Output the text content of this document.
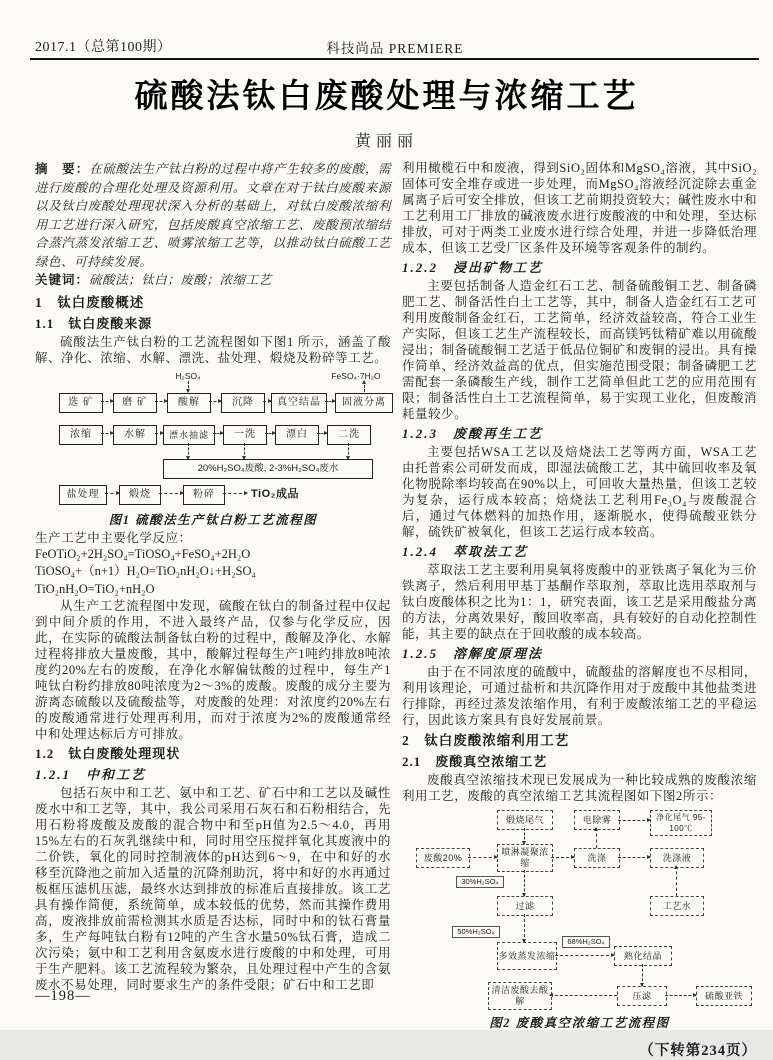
2017.1（总第100期）	科技尚品 PREMIERE
硫酸法钛白废酸处理与浓缩工艺
黄丽丽

摘　要：在硫酸法生产钛白粉的过程中将产生较多的废酸，需进行废酸的合理化处理及资源利用。文章在对于钛白废酸来源以及钛白废酸处理现状深入分析的基础上，对钛白废酸浓缩利用工艺进行深入研究，包括废酸真空浓缩工艺、废酸预浓缩结合蒸汽蒸发浓缩工艺、喷雾浓缩工艺等，以推动钛白硫酸工艺绿色、可持续发展。

关键词：硫酸法；钛白；废酸；浓缩工艺

1　钛白废酸概述
1.1　钛白废酸来源

硫酸法生产钛白粉的工艺流程图如下图1 所示，涵盖了酸解、净化、浓缩、水解、漂洗、盐处理、煅烧及粉碎等工艺。

H₂SO₄	FeSO₄·7H₂O
选 矿	磨 矿	酸解	沉降	真空结晶	固液分离
浓缩	水解	漂水抽滤	一洗	漂白	二洗
20%H₂SO₄废酸, 2-3%H₂SO₄废水
盐处理	煅烧	粉碎	TiO₂成品
图1 硫酸法生产钛白粉工艺流程图

生产工艺中主要化学反应：

FeOTiO₂+2H₂SO₄=TiOSO₄+FeSO₄+2H₂O

TiOSO₄+（n+1）H₂O=TiO₂nH₂O↓+H₂SO₄

TiO₂nH₂O=TiO₂+nH₂O

从生产工艺流程图中发现，硫酸在钛白的制备过程中仅起到中间介质的作用，不进入最终产品，仅参与化学反应，因此，在实际的硫酸法制备钛白粉的过程中，酸解及净化、水解过程将排放大量废酸，其中，酸解过程每生产1吨约排放8吨浓度约20%左右的废酸，在净化水解偏钛酸的过程中，每生产1吨钛白粉约排放80吨浓度为2～3%的废酸。废酸的成分主要为游离态硫酸以及硫酸盐等，对废酸的处理：对浓度约20%左右的废酸通常进行处理再利用，而对于浓度为2%的废酸通常经中和处理达标后方可排放。

1.2　钛白废酸处理现状
1.2.1　中和工艺

包括石灰中和工艺、氨中和工艺、矿石中和工艺以及碱性废水中和工艺等，其中，我公司采用石灰石和石粉相结合，先用石粉将废酸及废酸的混合物中和至pH值为2.5～4.0，再用15%左右的石灰乳继续中和，同时用空压搅拌氧化其废液中的二价铁，氧化的同时控制液体的pH达到6～9，在中和好的水移至沉降池之前加入适量的沉降剂助沉，将中和好的水再通过板框压滤机压滤，最终水达到排放的标准后直接排放。该工艺具有操作简便，系统简单，成本较低的优势，然而其操作费用高，废液排放前需检测其水质是否达标，同时中和的钛石膏量多，生产每吨钛白粉有12吨的产生含水量50%钛石膏，造成二次污染；氨中和工艺利用含氨废水进行废酸的中和处理，可用于生产肥料。该工艺流程较为繁杂，且处理过程中产生的含氨废水不易处理，同时要求生产的条件受限；矿石中和工艺即

利用橄榄石中和废液，得到SiO₂固体和MgSO₄溶液，其中SiO₂固体可安全堆存或进一步处理，而MgSO₄溶液经沉淀除去重金属离子后可安全排放，但该工艺前期投资较大；碱性废水中和工艺利用工厂排放的碱液废水进行废酸液的中和处理，至达标排放，可对于两类工业废水进行综合处理，并进一步降低治理成本，但该工艺受厂区条件及环境等客观条件的制约。

1.2.2　浸出矿物工艺

主要包括制备人造金红石工艺、制备硫酸铜工艺、制备磷肥工艺、制备活性白土工艺等，其中，制备人造金红石工艺可利用废酸制备金红石，工艺简单，经济效益较高，符合工业生产实际，但该工艺生产流程较长，而高镁钙钛精矿难以用硫酸浸出；制备硫酸铜工艺适于低品位铜矿和废铜的浸出。具有操作简单、经济效益高的优点，但实施范围受限；制备磷肥工艺需配套一条磷酸生产线，制作工艺简单但此工艺的应用范围有限；制备活性白土工艺流程简单，易于实现工业化，但废酸消耗量较少。

1.2.3　废酸再生工艺

主要包括WSA工艺以及焙烧法工艺等两方面，WSA工艺由托普索公司研发而成，即湿法硫酸工艺，其中硫回收率及氧化物脱除率均较高在90%以上，可回收大量热量，但该工艺较为复杂，运行成本较高；焙烧法工艺利用Fe₃O₄与废酸混合后，通过气体燃料的加热作用，逐渐脱水，使得硫酸亚铁分解，硫铁矿被氧化，但该工艺运行成本较高。

1.2.4　萃取法工艺

萃取法工艺主要利用臭氧将废酸中的亚铁离子氧化为三价铁离子，然后利用甲基丁基酮作萃取剂，萃取比选用萃取剂与钛白废酸体积之比为1：1，研究表面，该工艺是采用酸盐分离的方法，分离效果好，酸回收率高，具有较好的自动化控制性能，其主要的缺点在于回收酸的成本较高。

1.2.5　溶解度原理法

由于在不同浓度的硫酸中，硫酸盐的溶解度也不尽相同，利用该理论，可通过盐析和共沉降作用对于废酸中其他盐类进行排除，再经过蒸发浓缩作用，有利于废酸浓缩工艺的平稳运行，因此该方案具有良好发展前景。

2　钛白废酸浓缩利用工艺
2.1　废酸真空浓缩工艺

废酸真空浓缩技术现已发展成为一种比较成熟的废酸浓缩利用工艺，废酸的真空浓缩工艺其流程图如下图2所示：

煅烧尾气	电除雾	净化尾气 95-100℃
废酸20%
喷淋凝聚浓缩
洗涤	洗涤液
30%H₂SO₄
过滤	工艺水
50%H₂SO₄
多效蒸发浓缩
68%H₂SO₄
熟化结晶
压滤
清洁废酸去酸解
硫酸亚铁
图2 废酸真空浓缩工艺流程图
（下转第234页）
—198—
